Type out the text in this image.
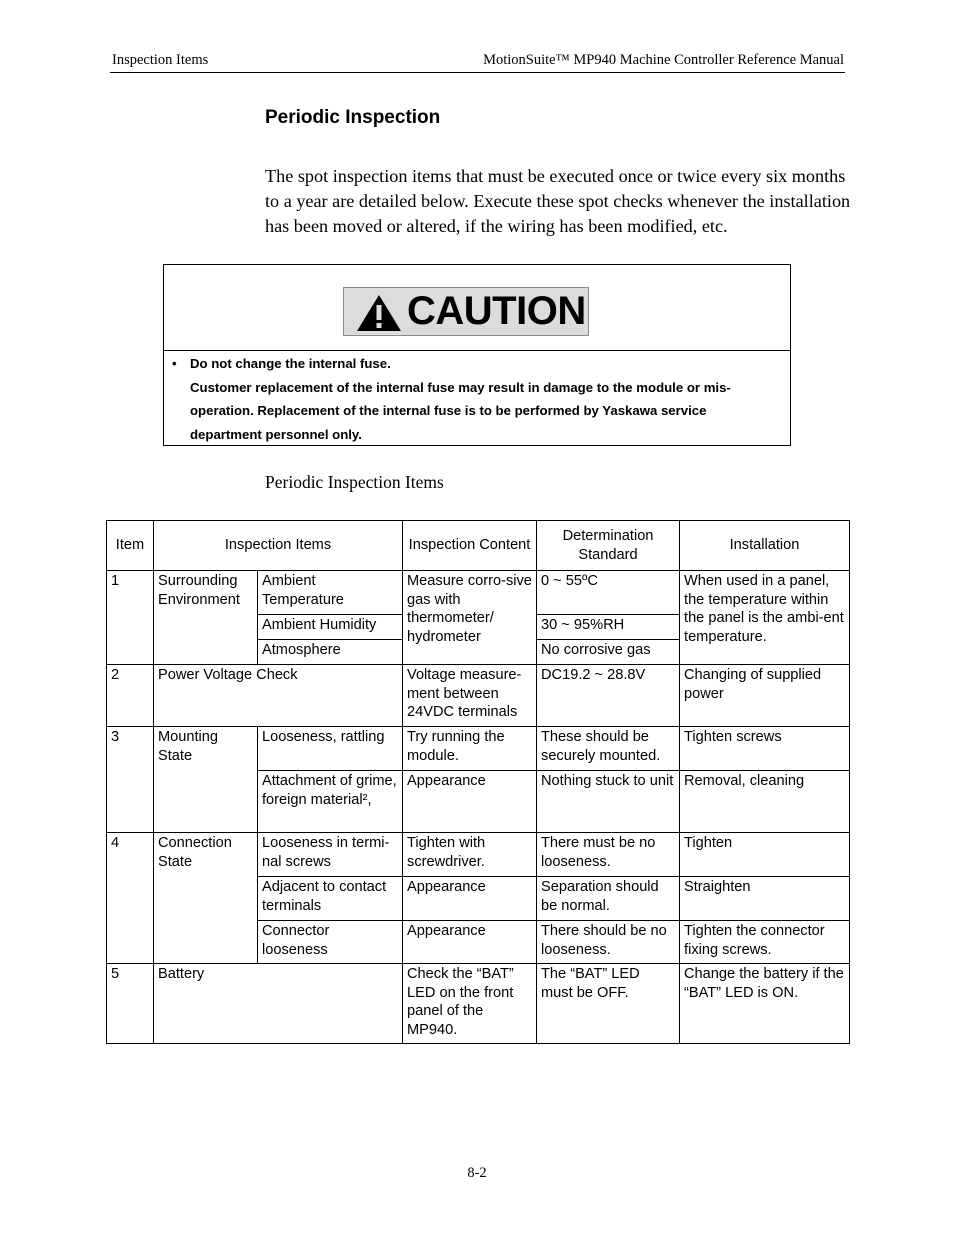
Inspection Items	MotionSuite™ MP940 Machine Controller Reference Manual
Periodic Inspection

The spot inspection items that must be executed once or twice every six months to a year are detailed below. Execute these spot checks whenever the installation has been moved or altered, if the wiring has been modified, etc.

• Do not change the internal fuse.
Customer replacement of the internal fuse may result in damage to the module or mis-
operation. Replacement of the internal fuse is to be performed by Yaskawa service
department personnel only.
CAUTION
Periodic Inspection Items
Item	Inspection Items		Inspection Content	Determination Standard	Installation
1	Surrounding Environment	Ambient Temperature	Measure corro-sive gas with thermometer/ hydrometer	0 ~ 55ºC	When used in a panel, the temperature within the panel is the ambi-ent temperature.
		Ambient Humidity		30 ~ 95%RH	
		Atmosphere		No corrosive gas	
2	Power Voltage Check		Voltage measure-ment between 24VDC terminals	DC19.2 ~ 28.8V	Changing of supplied power
3	Mounting State	Looseness, rattling	Try running the module.	These should be securely mounted.	Tighten screws
		Attachment of grime, foreign material²,	Appearance	Nothing stuck to unit	Removal, cleaning
4	Connection State	Looseness in termi-nal screws	Tighten with screwdriver.	There must be no looseness.	Tighten
		Adjacent to contact terminals	Appearance	Separation should be normal.	Straighten
		Connector looseness	Appearance	There should be no looseness.	Tighten the connector fixing screws.
5	Battery		Check the “BAT” LED on the front panel of the MP940.	The “BAT” LED must be OFF.	Change the battery if the “BAT” LED is ON.
8-2
